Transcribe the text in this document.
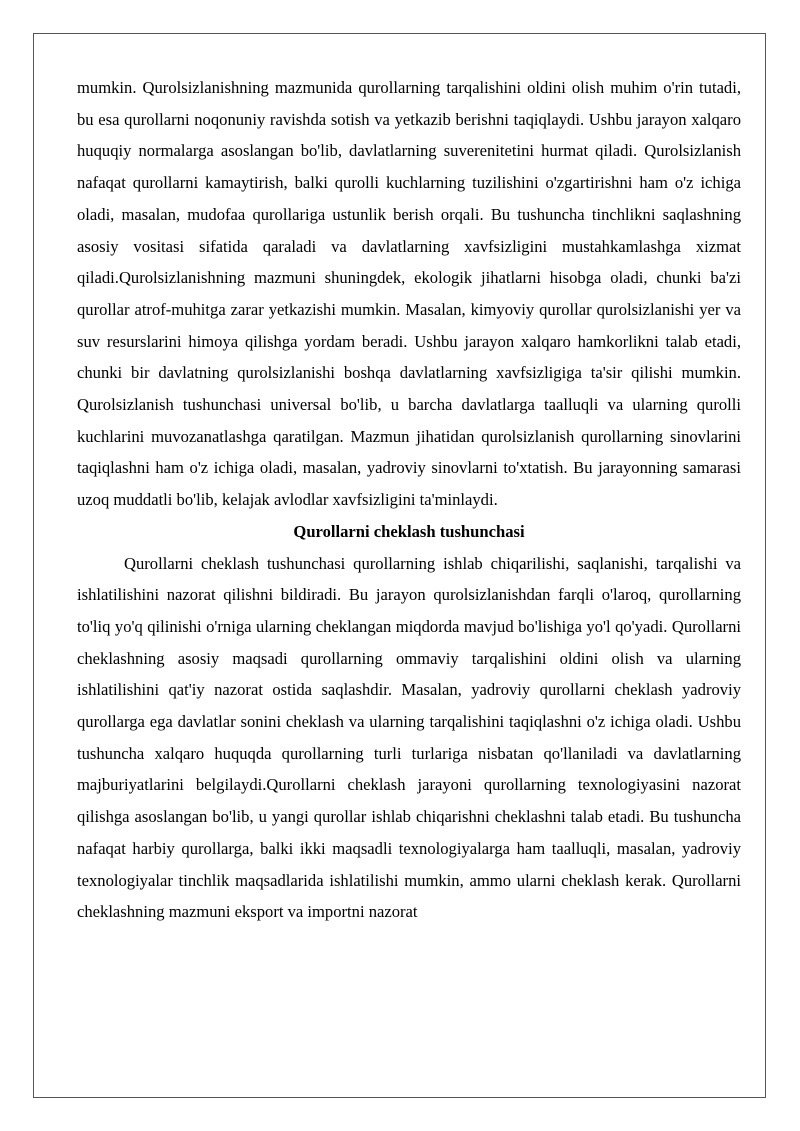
mumkin. Qurolsizlanishning mazmunida qurollarning tarqalishini oldini olish muhim o'rin tutadi, bu esa qurollarni noqonuniy ravishda sotish va yetkazib berishni taqiqlaydi. Ushbu jarayon xalqaro huquqiy normalarga asoslangan bo'lib, davlatlarning suverenitetini hurmat qiladi. Qurolsizlanish nafaqat qurollarni kamaytirish, balki qurolli kuchlarning tuzilishini o'zgartirishni ham o'z ichiga oladi, masalan, mudofaa qurollariga ustunlik berish orqali. Bu tushuncha tinchlikni saqlashning asosiy vositasi sifatida qaraladi va davlatlarning xavfsizligini mustahkamlashga xizmat qiladi.Qurolsizlanishning mazmuni shuningdek, ekologik jihatlarni hisobga oladi, chunki ba'zi qurollar atrof-muhitga zarar yetkazishi mumkin. Masalan, kimyoviy qurollar qurolsizlanishi yer va suv resurslarini himoya qilishga yordam beradi. Ushbu jarayon xalqaro hamkorlikni talab etadi, chunki bir davlatning qurolsizlanishi boshqa davlatlarning xavfsizligiga ta'sir qilishi mumkin. Qurolsizlanish tushunchasi universal bo'lib, u barcha davlatlarga taalluqli va ularning qurolli kuchlarini muvozanatlashga qaratilgan. Mazmun jihatidan qurolsizlanish qurollarning sinovlarini taqiqlashni ham o'z ichiga oladi, masalan, yadroviy sinovlarni to'xtatish. Bu jarayonning samarasi uzoq muddatli bo'lib, kelajak avlodlar xavfsizligini ta'minlaydi.

Qurollarni cheklash tushunchasi

Qurollarni cheklash tushunchasi qurollarning ishlab chiqarilishi, saqlanishi, tarqalishi va ishlatilishini nazorat qilishni bildiradi. Bu jarayon qurolsizlanishdan farqli o'laroq, qurollarning to'liq yo'q qilinishi o'rniga ularning cheklangan miqdorda mavjud bo'lishiga yo'l qo'yadi. Qurollarni cheklashning asosiy maqsadi qurollarning ommaviy tarqalishini oldini olish va ularning ishlatilishini qat'iy nazorat ostida saqlashdir. Masalan, yadroviy qurollarni cheklash yadroviy qurollarga ega davlatlar sonini cheklash va ularning tarqalishini taqiqlashni o'z ichiga oladi. Ushbu tushuncha xalqaro huquqda qurollarning turli turlariga nisbatan qo'llaniladi va davlatlarning majburiyatlarini belgilaydi.Qurollarni cheklash jarayoni qurollarning texnologiyasini nazorat qilishga asoslangan bo'lib, u yangi qurollar ishlab chiqarishni cheklashni talab etadi. Bu tushuncha nafaqat harbiy qurollarga, balki ikki maqsadli texnologiyalarga ham taalluqli, masalan, yadroviy texnologiyalar tinchlik maqsadlarida ishlatilishi mumkin, ammo ularni cheklash kerak. Qurollarni cheklashning mazmuni eksport va importni nazorat
